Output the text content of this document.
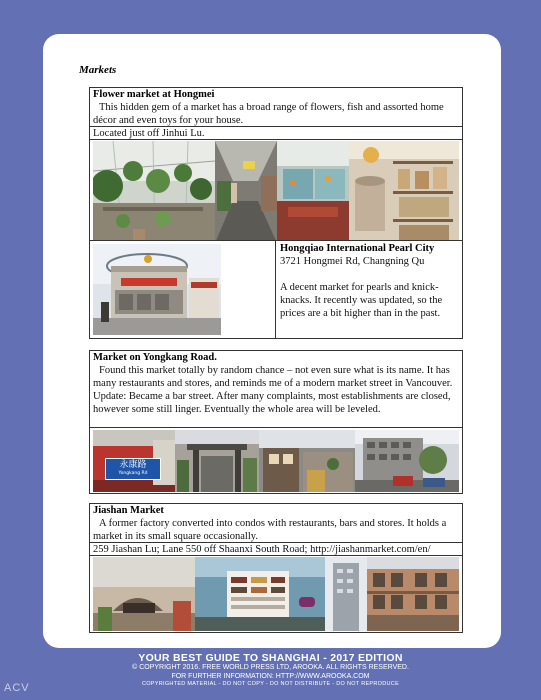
Markets
Flower market at Hongmei
This hidden gem of a market has a broad range of flowers, fish and assorted home décor and even toys for your house.
Located just off Jinhui Lu.
Hongqiao International Pearl City
3721 Hongmei Rd, Changning Qu
A decent market for pearls and knick-knacks. It recently was updated, so the prices are a bit higher than in the past.
Market on Yongkang Road.
Found this market totally by random chance – not even sure what is its name. It has many restaurants and stores, and reminds me of a modern market street in Vancouver.
Update: Became a bar street. After many complaints, most establishments are closed, however some still linger. Eventually the whole area will be leveled.
永康路
Yongkang Rd
Jiashan Market
A former factory converted into condos with restaurants, bars and stores. It holds a market in its small square occasionally.
259 Jiashan Lu; Lane 550 off Shaanxi South Road; http://jiashanmarket.com/en/
YOUR BEST GUIDE TO SHANGHAI - 2017 EDITION
© COPYRIGHT 2016. FREE WORLD PRESS LTD, AROOKA. ALL RIGHTS RESERVED.
FOR FURTHER INFORMATION: HTTP://WWW.AROOKA.COM
COPYRIGHTED MATERIAL - DO NOT COPY - DO NOT DISTRIBUTE - DO NOT REPRODUCE
ACV
